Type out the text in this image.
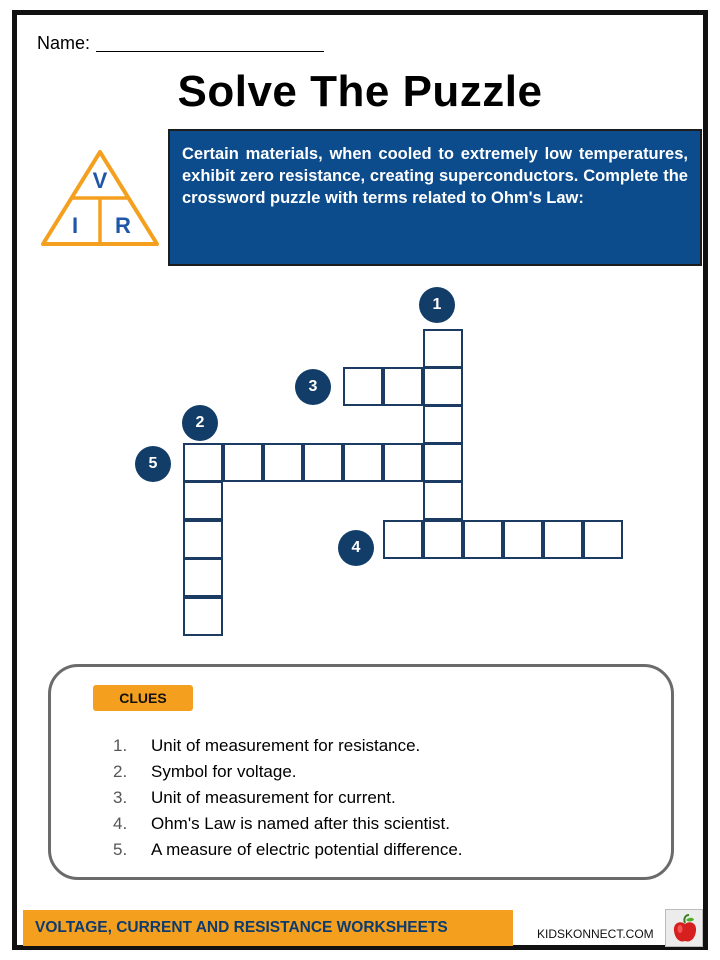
Name:
Solve The Puzzle
V
I R

Certain materials, when cooled to extremely low temperatures, exhibit zero resistance, creating superconductors. Complete the crossword puzzle with terms related to Ohm's Law:

1
2
3
4
5
CLUES
1.	Unit of measurement for resistance.
2.	Symbol for voltage.
3.	Unit of measurement for current.
4.	Ohm's Law is named after this scientist.
5.	A measure of electric potential difference.
VOLTAGE, CURRENT AND RESISTANCE WORKSHEETS	KIDSKONNECT.COM
